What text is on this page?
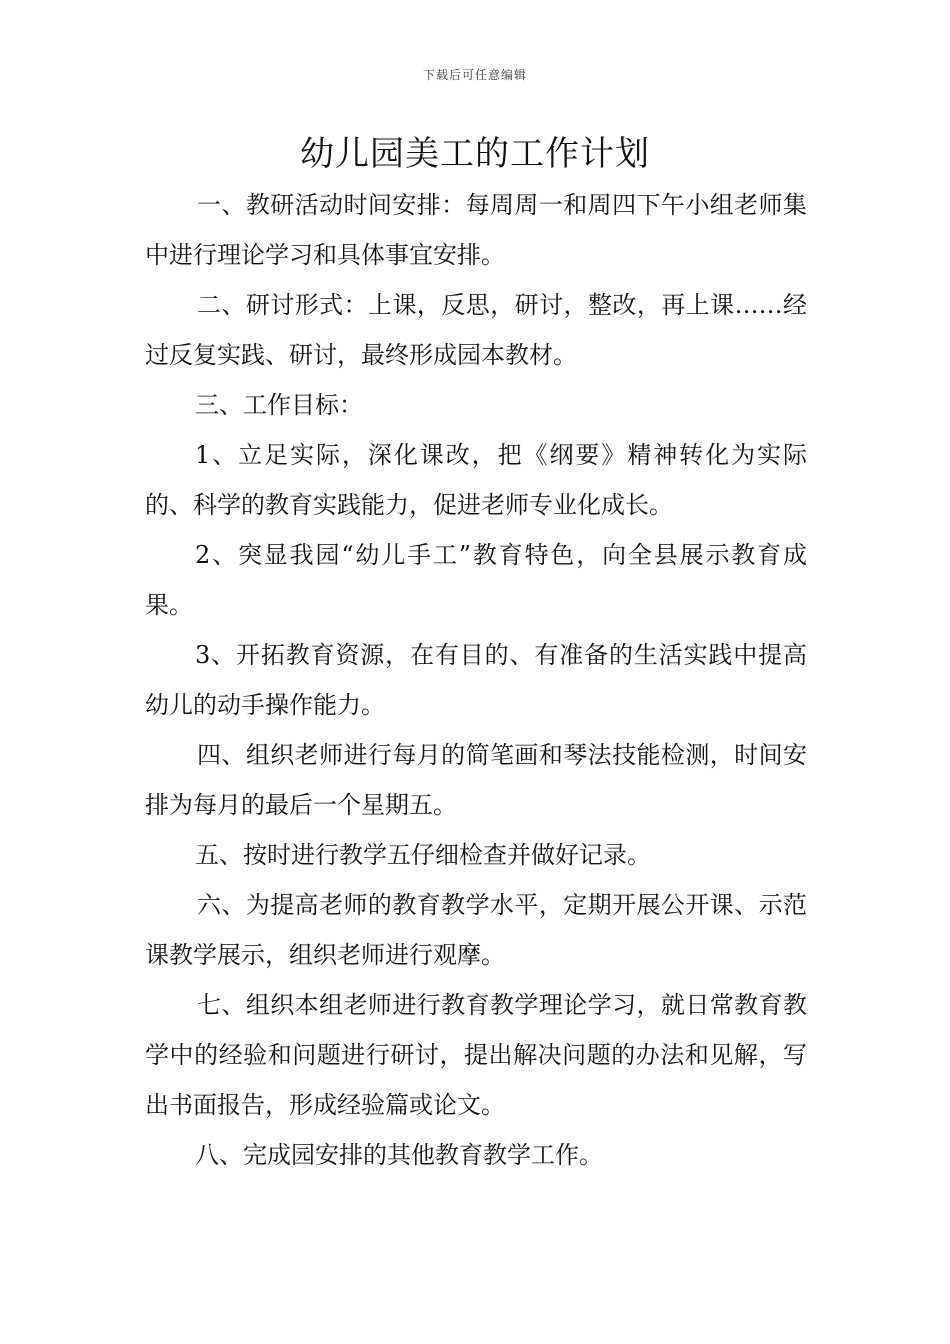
下载后可任意编辑
幼儿园美工的工作计划

一、教研活动时间安排：每周周一和周四下午小组老师集中进行理论学习和具体事宜安排。

二、研讨形式：上课，反思，研讨，整改，再上课……经过反复实践、研讨，最终形成园本教材。

三、工作目标：

1、立足实际，深化课改，把《纲要》精神转化为实际的、科学的教育实践能力，促进老师专业化成长。

2、突显我园“幼儿手工”教育特色，向全县展示教育成果。

3、开拓教育资源，在有目的、有准备的生活实践中提高幼儿的动手操作能力。

四、组织老师进行每月的简笔画和琴法技能检测，时间安排为每月的最后一个星期五。

五、按时进行教学五仔细检查并做好记录。

六、为提高老师的教育教学水平，定期开展公开课、示范课教学展示，组织老师进行观摩。

七、组织本组老师进行教育教学理论学习，就日常教育教学中的经验和问题进行研讨，提出解决问题的办法和见解，写出书面报告，形成经验篇或论文。

八、完成园安排的其他教育教学工作。
